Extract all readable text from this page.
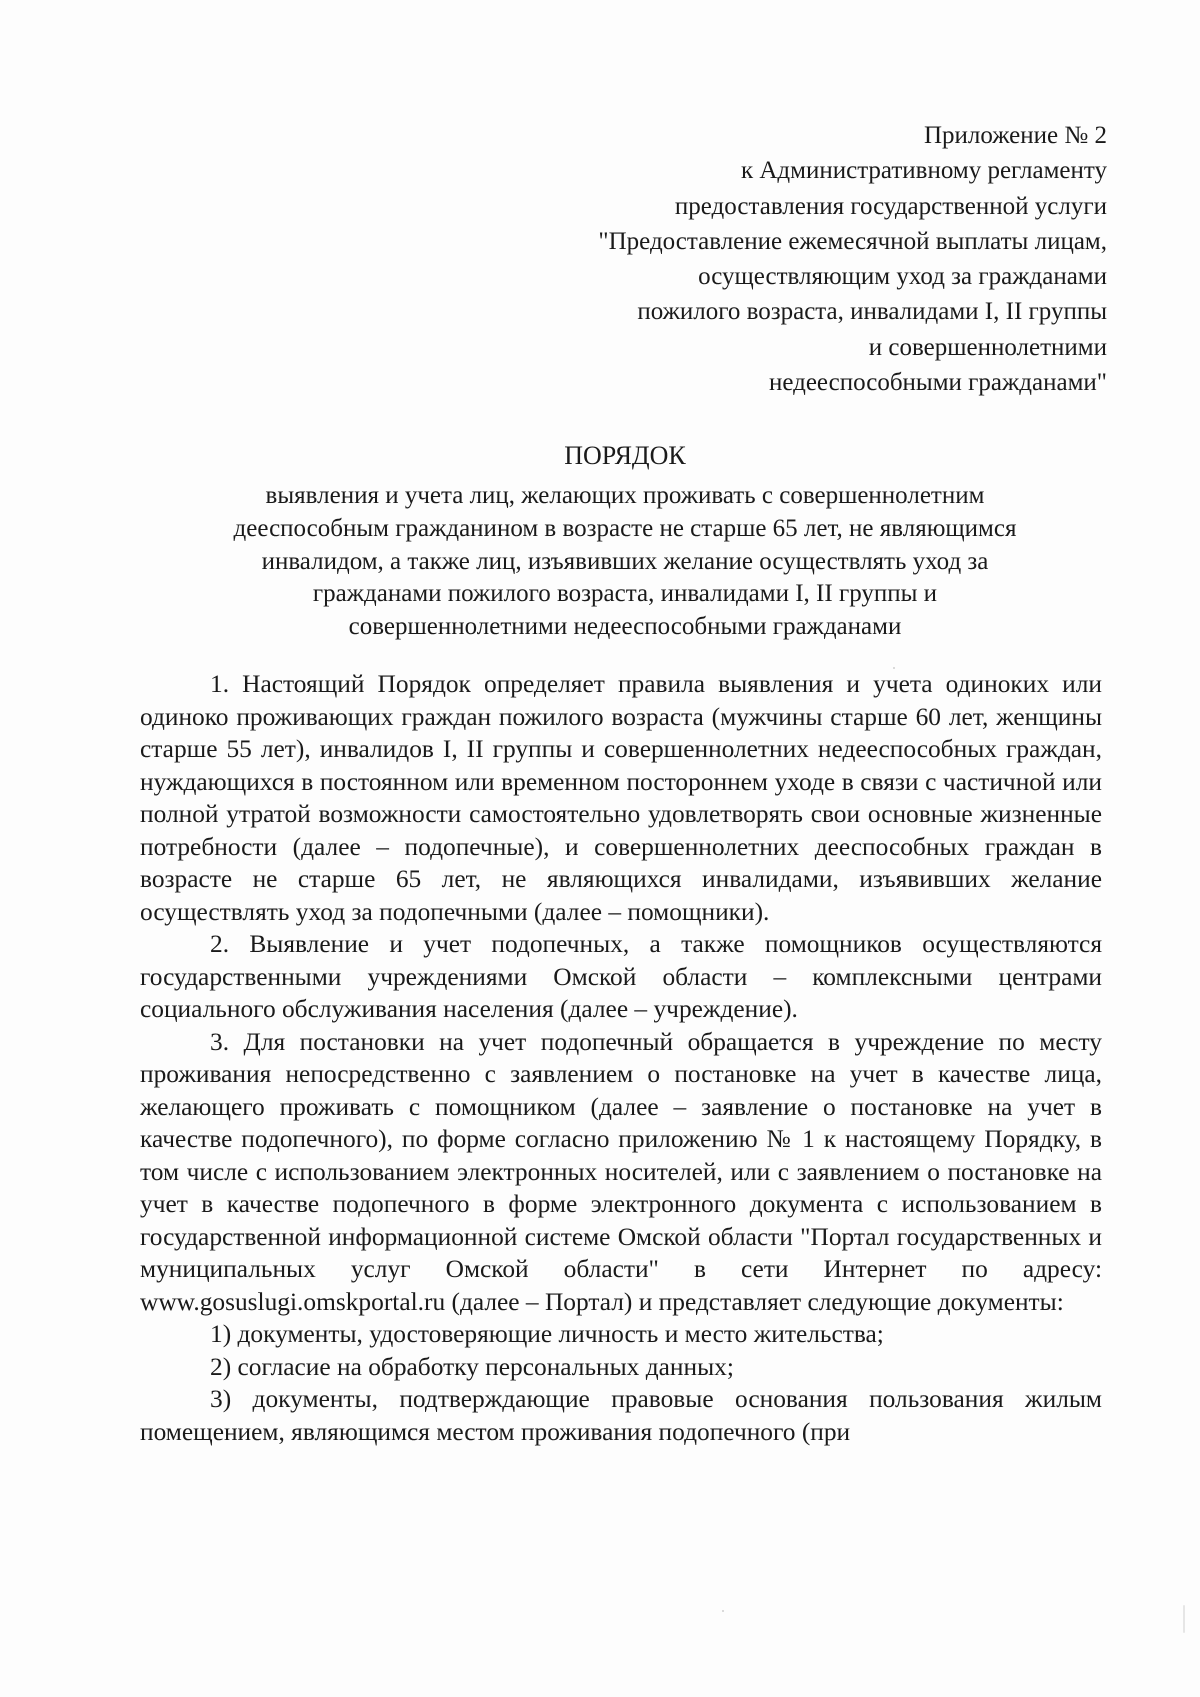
Приложение № 2
к Административному регламенту
предоставления государственной услуги
"Предоставление ежемесячной выплаты лицам,
осуществляющим уход за гражданами
пожилого возраста, инвалидами I, II группы
и совершеннолетними
недееспособными гражданами"
ПОРЯДОК
выявления и учета лиц, желающих проживать с совершеннолетним
дееспособным гражданином в возрасте не старше 65 лет, не являющимся
инвалидом, а также лиц, изъявивших желание осуществлять уход за
гражданами пожилого возраста, инвалидами I, II группы и
совершеннолетними недееспособными гражданами

1. Настоящий Порядок определяет правила выявления и учета одиноких или одиноко проживающих граждан пожилого возраста (мужчины старше 60 лет, женщины старше 55 лет), инвалидов I, II группы и совершеннолетних недееспособных граждан, нуждающихся в постоянном или временном постороннем уходе в связи с частичной или полной утратой возможности самостоятельно удовлетворять свои основные жизненные потребности (далее – подопечные), и совершеннолетних дееспособных граждан в возрасте не старше 65 лет, не являющихся инвалидами, изъявивших желание осуществлять уход за подопечными (далее – помощники).

2. Выявление и учет подопечных, а также помощников осуществляются государственными учреждениями Омской области – комплексными центрами социального обслуживания населения (далее – учреждение).

3. Для постановки на учет подопечный обращается в учреждение по месту проживания непосредственно с заявлением о постановке на учет в качестве лица, желающего проживать с помощником (далее – заявление о постановке на учет в качестве подопечного), по форме согласно приложению № 1 к настоящему Порядку, в том числе с использованием электронных носителей, или с заявлением о постановке на учет в качестве подопечного в форме электронного документа с использованием в государственной информационной системе Омской области "Портал государственных и муниципальных услуг Омской области" в сети Интернет по адресу: www.gosuslugi.omskportal.ru (далее – Портал) и представляет следующие документы:

1) документы, удостоверяющие личность и место жительства;

2) согласие на обработку персональных данных;

3) документы, подтверждающие правовые основания пользования жилым помещением, являющимся местом проживания подопечного (при
